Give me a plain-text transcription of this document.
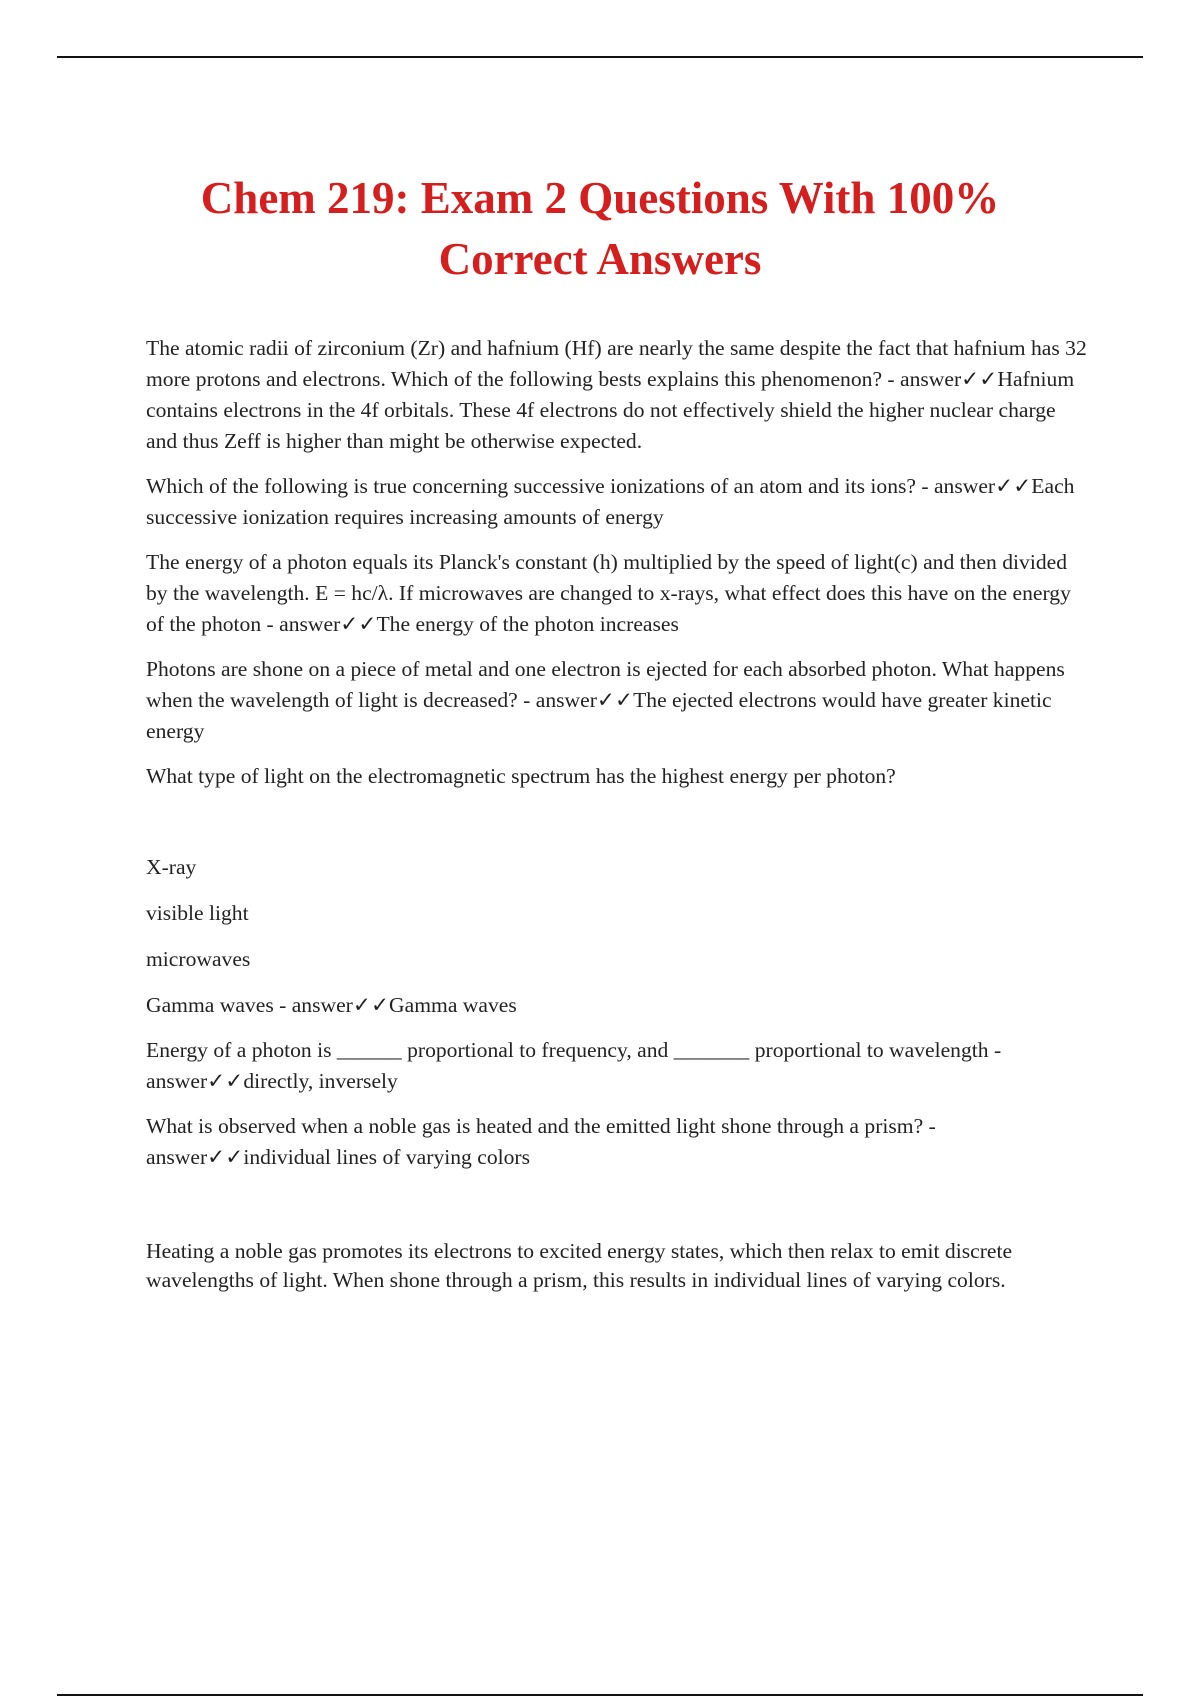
Chem 219: Exam 2 Questions With 100%
Correct Answers

The atomic radii of zirconium (Zr) and hafnium (Hf) are nearly the same despite the fact that hafnium has 32 more protons and electrons. Which of the following bests explains this phenomenon? - answer✓✓Hafnium contains electrons in the 4f orbitals. These 4f electrons do not effectively shield the higher nuclear charge and thus Zeff is higher than might be otherwise expected.

Which of the following is true concerning successive ionizations of an atom and its ions? - answer✓✓Each successive ionization requires increasing amounts of energy

The energy of a photon equals its Planck's constant (h) multiplied by the speed of light(c) and then divided by the wavelength. E = hc/λ. If microwaves are changed to x-rays, what effect does this have on the energy of the photon - answer✓✓The energy of the photon increases

Photons are shone on a piece of metal and one electron is ejected for each absorbed photon. What happens when the wavelength of light is decreased? - answer✓✓The ejected electrons would have greater kinetic energy

What type of light on the electromagnetic spectrum has the highest energy per photon?

X-ray

visible light

microwaves

Gamma waves - answer✓✓Gamma waves

Energy of a photon is ______ proportional to frequency, and _______ proportional to wavelength - answer✓✓directly, inversely

What is observed when a noble gas is heated and the emitted light shone through a prism? - answer✓✓individual lines of varying colors

Heating a noble gas promotes its electrons to excited energy states, which then relax to emit discrete wavelengths of light. When shone through a prism, this results in individual lines of varying colors.
